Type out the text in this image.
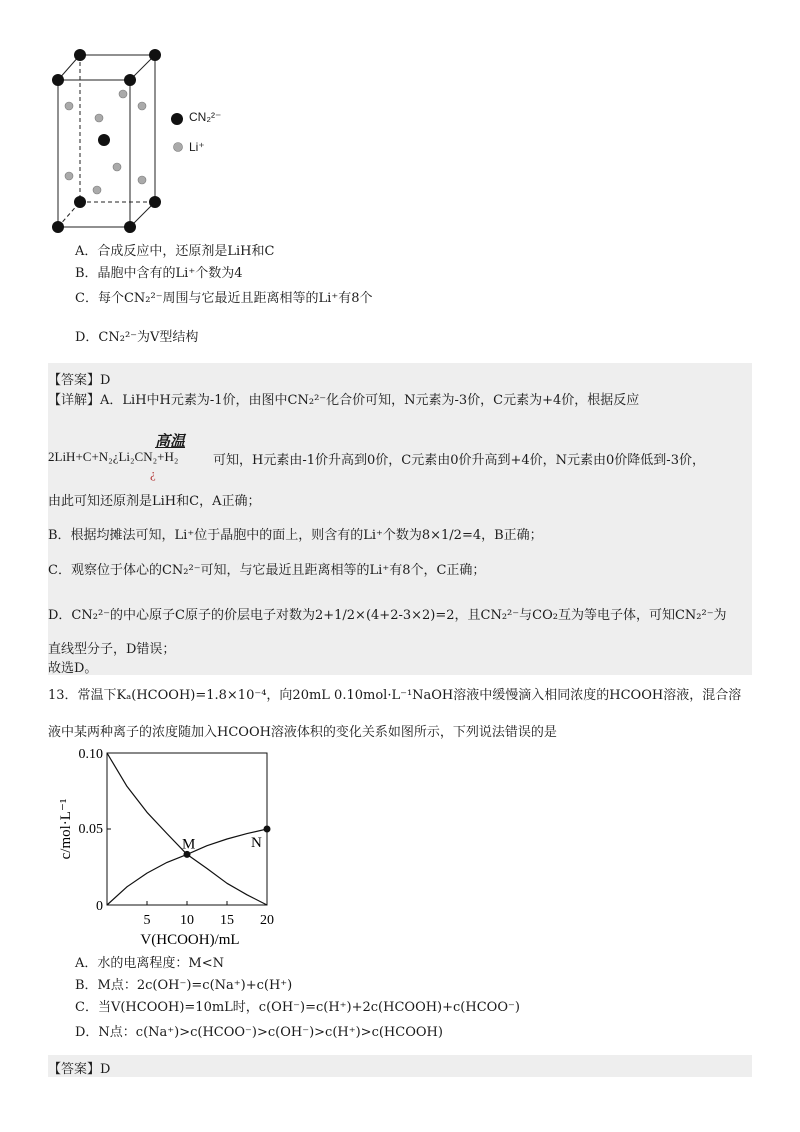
CN₂²⁻
Li⁺
A．合成反应中，还原剂是LiH和C
B．晶胞中含有的Li⁺个数为4
C．每个CN₂²⁻周围与它最近且距离相等的Li⁺有8个
D．CN₂²⁻为V型结构
【答案】D
【详解】A．LiH中H元素为-1价，由图中CN₂²⁻化合价可知，N元素为-3价，C元素为+4价，根据反应
高温
2LiH+C+N₂¿Li₂CN₂+H₂
¿
可知，H元素由-1价升高到0价，C元素由0价升高到+4价，N元素由0价降低到-3价，
由此可知还原剂是LiH和C，A正确；
B．根据均摊法可知，Li⁺位于晶胞中的面上，则含有的Li⁺个数为8×1/2=4，B正确；
C．观察位于体心的CN₂²⁻可知，与它最近且距离相等的Li⁺有8个，C正确；
D．CN₂²⁻的中心原子C原子的价层电子对数为2+1/2×(4+2-3×2)=2，且CN₂²⁻与CO₂互为等电子体，可知CN₂²⁻为
直线型分子，D错误；
故选D。
13．常温下Kₐ(HCOOH)=1.8×10⁻⁴，向20mL 0.10mol·L⁻¹NaOH溶液中缓慢滴入相同浓度的HCOOH溶液，混合溶
液中某两种离子的浓度随加入HCOOH溶液体积的变化关系如图所示，下列说法错误的是
0.10
0.05
0
5 10 15 20
V(HCOOH)/mL
c/mol·L⁻¹	M	N
A．水的电离程度：M<N
B．M点：2c(OH⁻)=c(Na⁺)+c(H⁺)
C．当V(HCOOH)=10mL时，c(OH⁻)=c(H⁺)+2c(HCOOH)+c(HCOO⁻)
D．N点：c(Na⁺)>c(HCOO⁻)>c(OH⁻)>c(H⁺)>c(HCOOH)
【答案】D
